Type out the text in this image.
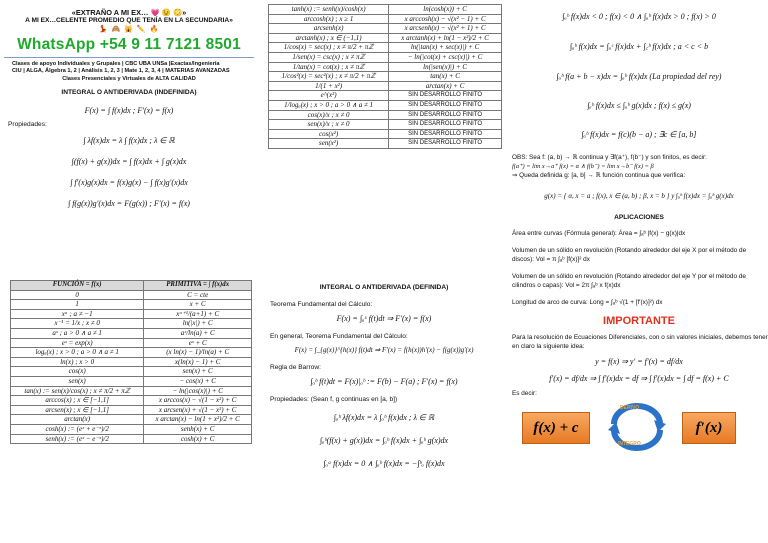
«EXTRAÑO A MI EX… 💗 😉 😳»
A MI EX…CELENTE PROMEDIO QUE TENÍA EN LA SECUNDARIA»
💃 🙈 🙀 ✏️ 🔥
WhatsApp +54 9 11 7121 8501
Clases de apoyo Individuales y Grupales | CBC UBA UNSa |Exactas/Ingeniería
CIU | ALGA, Álgebra 1, 2 | Análisis 1, 2, 3 | Mate 1, 2, 3, 4 | MATERIAS AVANZADAS
Clases Presenciales y Virtuales de ALTA CALIDAD
INTEGRAL O ANTIDERIVADA (INDEFINIDA)
F(x) = ∫ f(x)dx ; F′(x) = f(x)
Propiedades:
∫ λf(x)dx = λ ∫ f(x)dx ; λ ∈ ℝ
∫(f(x) + g(x))dx = ∫ f(x)dx + ∫ g(x)dx
∫ f′(x)g(x)dx = f(x)g(x) − ∫ f(x)g′(x)dx
∫ f(g(x))g′(x)dx = F(g(x)) ; F′(x) = f(x)
FUNCIÓN = f(x)	PRIMITIVA = ∫ f(x)dx
0	C = cte
1	x + C
xᵃ ; a ≠ −1	xᵃ⁺¹/(a+1) + C
x⁻¹ = 1/x ; x ≠ 0	ln(|x|) + C
aˣ ; a > 0 ∧ a ≠ 1	aˣ/ln(a) + C
eˣ = exp(x)	eˣ + C
logₐ(x) ; x > 0 ; a > 0 ∧ a ≠ 1	(x ln(x) − 1)/ln(a) + C
ln(x) ; x > 0	x(ln(x) − 1) + C
cos(x)	sen(x) + C
sen(x)	− cos(x) + C
tan(x) := sen(x)/cos(x) ; x ≠ π/2 + πℤ	− ln(|cos(x)|) + C
arccos(x) ; x ∈ [−1,1]	x arccos(x) − √(1 − x²) + C
arcsen(x) ; x ∈ [−1,1]	x arcsen(x) + √(1 − x²) + C
arctan(x)	x arctan(x) − ln(1 + x²)/2 + C
cosh(x) := (eˣ + e⁻ˣ)/2	senh(x) + C
senh(x) := (eˣ − e⁻ˣ)/2	cosh(x) + C
tanh(x) := senh(x)/cosh(x)	ln(cosh(x)) + C
arccosh(x) ; x ≥ 1	x arccosh(x) − √(x² − 1) + C
arcsenh(x)	x arcsenh(x) − √(x² + 1) + C
arctanh(x) ; x ∈ (−1,1)	x arctanh(x) + ln(1 − x²)/2 + C
1/cos(x) = sec(x) ; x ≠ π/2 + πℤ	ln(|tan(x) + sec(x)|) + C
1/sen(x) = csc(x) ; x ≠ πℤ	− ln(|cot(x) + csc(x)|) + C
1/tan(x) = cot(x) ; x ≠ πℤ	ln(|sen(x)|) + C
1/cos²(x) = sec²(x) ; x ≠ π/2 + πℤ	tan(x) + C
1/(1 + x²)	arctan(x) + C
e^(x²)	SIN DESARROLLO FINITO
1/logₐ(x) ; x > 0 ; a > 0 ∧ a ≠ 1	SIN DESARROLLO FINITO
cos(x)/x ; x ≠ 0	SIN DESARROLLO FINITO
sen(x)/x ; x ≠ 0	SIN DESARROLLO FINITO
cos(x²)	SIN DESARROLLO FINITO
sen(x²)	SIN DESARROLLO FINITO
INTEGRAL O ANTIDERIVADA (DEFINIDA)
Teorema Fundamental del Cálculo:
F(x) = ∫ₐˣ f(t)dt ⇒ F′(x) = f(x)
En general, Teorema Fundamental del Cálculo:
F(x) = ∫_{g(x)}^{h(x)} f(t)dt ⇒ F′(x) = f(h(x))h′(x) − f(g(x))g′(x)
Regla de Barrow:
∫ₐᵇ f(t)dt = F(x)|ₐᵇ := F(b) − F(a) ; F′(x) = f(x)
Propiedades: (Sean f, g continuas en [a, b])
∫ₐᵇ λf(x)dx = λ ∫ₐᵇ f(x)dx ; λ ∈ ℝ
∫ₐᵇ(f(x) + g(x))dx = ∫ₐᵇ f(x)dx + ∫ₐᵇ g(x)dx
∫ₐᵃ f(x)dx = 0 ∧ ∫ₐᵇ f(x)dx = −∫ᵇₐ f(x)dx
∫ₐᵇ f(x)dx < 0 ; f(x) < 0 ∧ ∫ₐᵇ f(x)dx > 0 ; f(x) > 0
∫ₐᵇ f(x)dx = ∫ₐᶜ f(x)dx + ∫꜀ᵇ f(x)dx ; a < c < b
∫ₐᵇ f(a + b − x)dx = ∫ₐᵇ f(x)dx (La propiedad del rey)
∫ₐᵇ f(x)dx ≤ ∫ₐᵇ g(x)dx ; f(x) ≤ g(x)
∫ₐᵇ f(x)dx = f(c)(b − a) ; ∃c ∈ [a, b]
OBS: Sea f: (a, b) → ℝ continua y ∃f(a⁺), f(b⁻) y son finitos, es decir:
f(a⁺) = lim x→a⁺ f(x) = α ∧ f(b⁻) = lim x→b⁻ f(x) = β
⇒ Queda definida g: [a, b] → ℝ función continua que verifica:
g(x) = { α, x = a ; f(x), x ∈ (a, b) ; β, x = b } y ∫ₐᵇ f(x)dx = ∫ₐᵇ g(x)dx
APLICACIONES
Área entre curvas (Fórmula general): Área = ∫ₐᵇ |f(x) − g(x)|dx
Volumen de un sólido en revolución (Rotando alrededor del eje X por el método de discos): Vol = π ∫ₐᵇ [f(x)]² dx
Volumen de un sólido en revolución (Rotando alrededor del eje Y por el método de cilindros o capas): Vol = 2π ∫ₐᵇ x f(x)dx
Longitud de arco de curva: Long = ∫ₐᵇ √(1 + [f′(x)]²) dx
IMPORTANTE
Para la resolución de Ecuaciones Diferenciales, con o sin valores iniciales, debemos tener en claro la siguiente idea:
y = f(x) ⇒ y′ = f′(x) = df/dx
f′(x) = df/dx ⇒ ∫ f′(x)dx = df ⇒ ∫ f′(x)dx = ∫ df = f(x) + C
Es decir:
f(x) + c
DERIVO
INTEGRO
f′(x)
